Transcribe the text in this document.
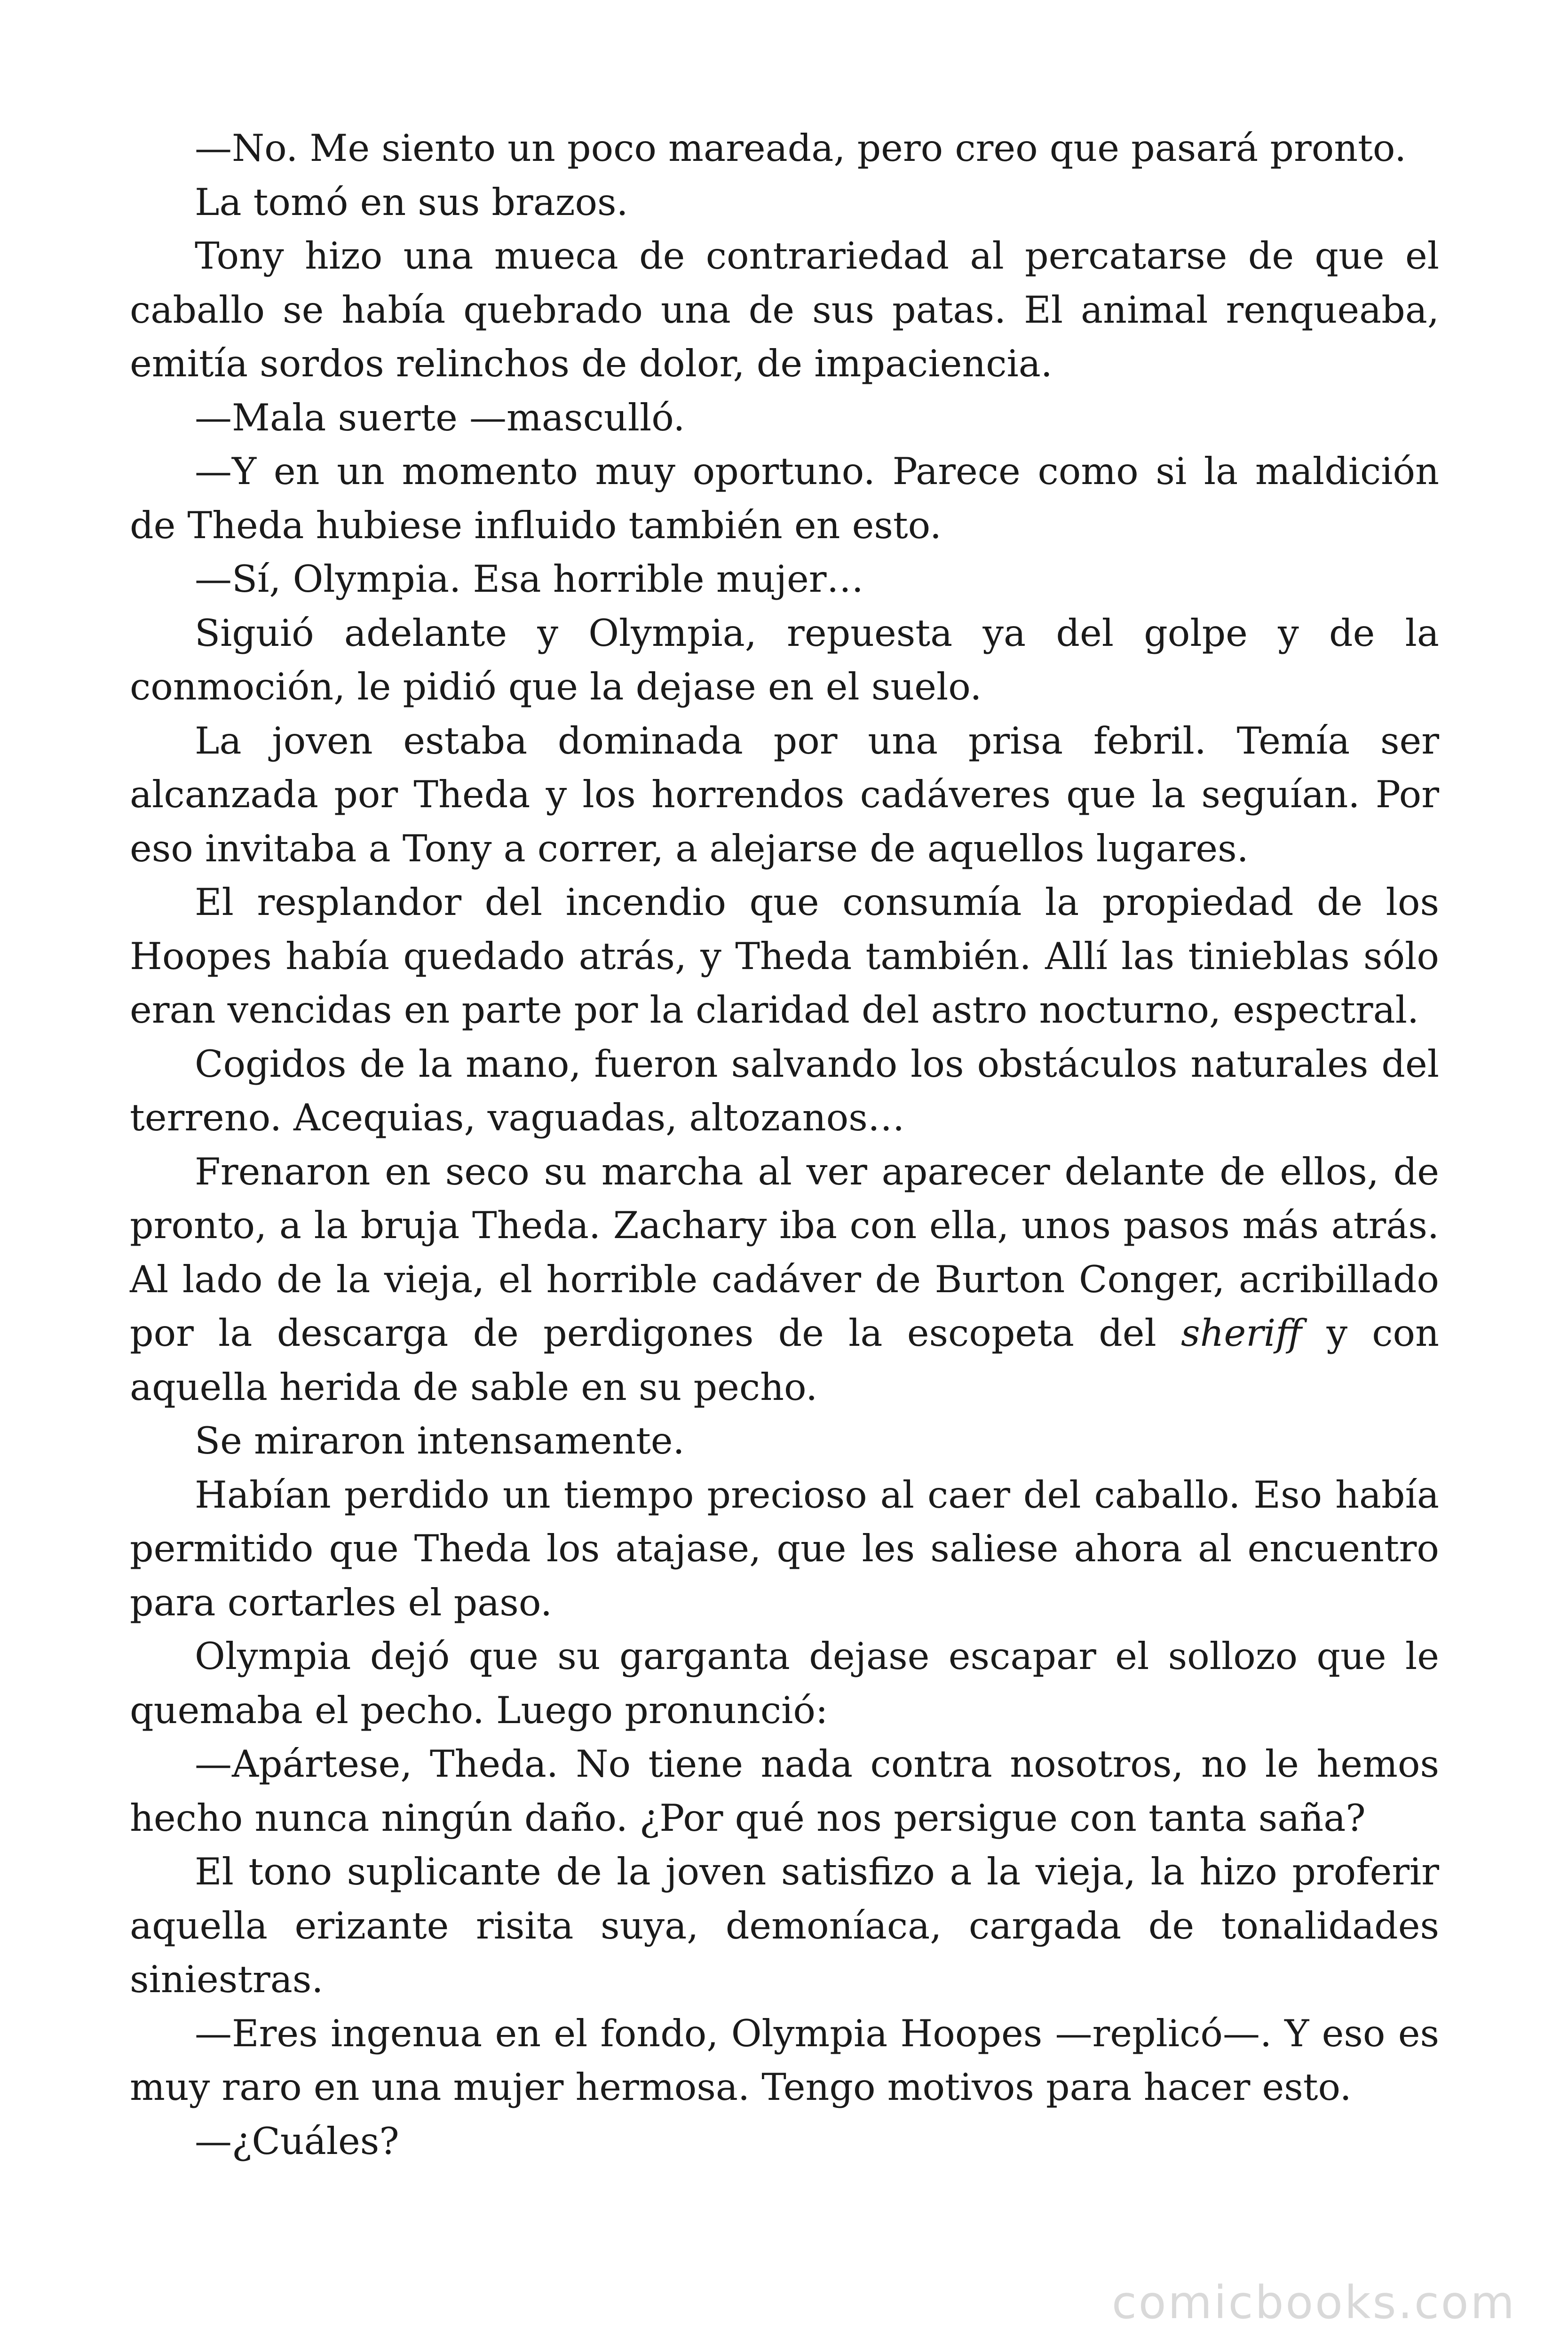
—No. Me siento un poco mareada, pero creo que pasará pronto.

La tomó en sus brazos.

Tony hizo una mueca de contrariedad al percatarse de que el caballo se había quebrado una de sus patas. El animal renqueaba, emitía sordos relinchos de dolor, de impaciencia.

—Mala suerte —masculló.

—Y en un momento muy oportuno. Parece como si la maldición de Theda hubiese influido también en esto.

—Sí, Olympia. Esa horrible mujer…

Siguió adelante y Olympia, repuesta ya del golpe y de la conmoción, le pidió que la dejase en el suelo.

La joven estaba dominada por una prisa febril. Temía ser alcanzada por Theda y los horrendos cadáveres que la seguían. Por eso invitaba a Tony a correr, a alejarse de aquellos lugares.

El resplandor del incendio que consumía la propiedad de los Hoopes había quedado atrás, y Theda también. Allí las tinieblas sólo eran vencidas en parte por la claridad del astro nocturno, espectral.

Cogidos de la mano, fueron salvando los obstáculos naturales del terreno. Acequias, vaguadas, altozanos…

Frenaron en seco su marcha al ver aparecer delante de ellos, de pronto, a la bruja Theda. Zachary iba con ella, unos pasos más atrás. Al lado de la vieja, el horrible cadáver de Burton Conger, acribillado por la descarga de perdigones de la escopeta del sheriff y con aquella herida de sable en su pecho.

Se miraron intensamente.

Habían perdido un tiempo precioso al caer del caballo. Eso había permitido que Theda los atajase, que les saliese ahora al encuentro para cortarles el paso.

Olympia dejó que su garganta dejase escapar el sollozo que le quemaba el pecho. Luego pronunció:

—Apártese, Theda. No tiene nada contra nosotros, no le hemos hecho nunca ningún daño. ¿Por qué nos persigue con tanta saña?

El tono suplicante de la joven satisfizo a la vieja, la hizo proferir aquella erizante risita suya, demoníaca, cargada de tonalidades siniestras.

—Eres ingenua en el fondo, Olympia Hoopes —replicó—. Y eso es muy raro en una mujer hermosa. Tengo motivos para hacer esto.

—¿Cuáles?

comicbooks.com
